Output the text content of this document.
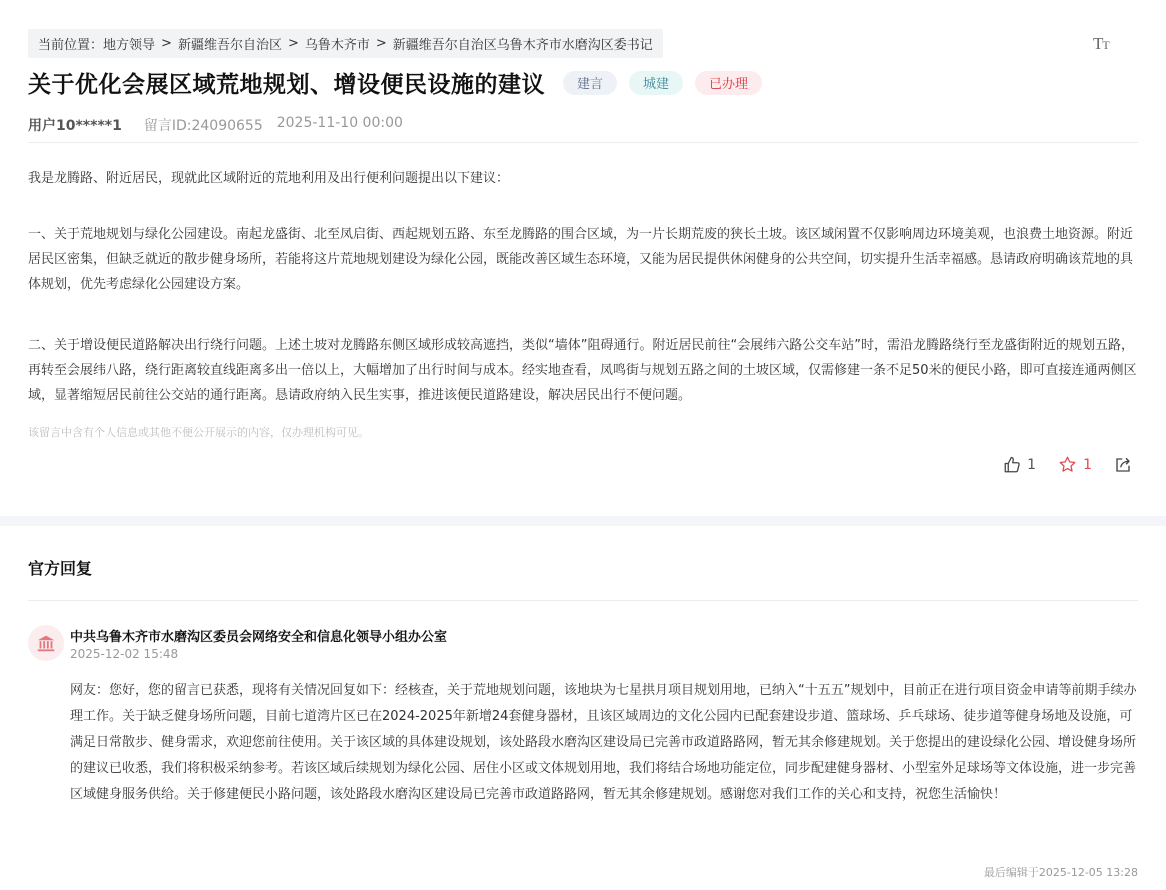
当前位置： 地方领导 > 新疆维吾尔自治区 > 乌鲁木齐市 > 新疆维吾尔自治区乌鲁木齐市水磨沟区委书记	TT
关于优化会展区域荒地规划、增设便民设施的建议	建言	城建	已办理
用户10*****1 留言ID:24090655 2025-11-10 00:00

我是龙腾路、附近居民，现就此区域附近的荒地利用及出行便利问题提出以下建议：

一、关于荒地规划与绿化公园建设。南起龙盛街、北至凤启街、西起规划五路、东至龙腾路的围合区域，为一片长期荒废的狭长土坡。该区域闲置不仅影响周边环境美观，也浪费土地资源。附近居民区密集，但缺乏就近的散步健身场所，若能将这片荒地规划建设为绿化公园，既能改善区域生态环境，又能为居民提供休闲健身的公共空间，切实提升生活幸福感。恳请政府明确该荒地的具体规划，优先考虑绿化公园建设方案。

二、关于增设便民道路解决出行绕行问题。上述土坡对龙腾路东侧区域形成较高遮挡，类似“墙体”阻碍通行。附近居民前往“会展纬六路公交车站”时，需沿龙腾路绕行至龙盛街附近的规划五路，再转至会展纬八路，绕行距离较直线距离多出一倍以上，大幅增加了出行时间与成本。经实地查看，凤鸣街与规划五路之间的土坡区域，仅需修建一条不足50米的便民小路，即可直接连通两侧区域，显著缩短居民前往公交站的通行距离。恳请政府纳入民生实事，推进该便民道路建设，解决居民出行不便问题。

该留言中含有个人信息或其他不便公开展示的内容，仅办理机构可见。
1	1
官方回复
中共乌鲁木齐市水磨沟区委员会网络安全和信息化领导小组办公室
2025-12-02 15:48

网友：您好，您的留言已获悉，现将有关情况回复如下：经核查，关于荒地规划问题，该地块为七星拱月项目规划用地，已纳入“十五五”规划中，目前正在进行项目资金申请等前期手续办理工作。关于缺乏健身场所问题，目前七道湾片区已在2024-2025年新增24套健身器材，且该区域周边的文化公园内已配套建设步道、篮球场、乒乓球场、徒步道等健身场地及设施，可满足日常散步、健身需求，欢迎您前往使用。关于该区域的具体建设规划，该处路段水磨沟区建设局已完善市政道路路网，暂无其余修建规划。关于您提出的建设绿化公园、增设健身场所的建议已收悉，我们将积极采纳参考。若该区域后续规划为绿化公园、居住小区或文体规划用地，我们将结合场地功能定位，同步配建健身器材、小型室外足球场等文体设施，进一步完善区域健身服务供给。关于修建便民小路问题，该处路段水磨沟区建设局已完善市政道路路网，暂无其余修建规划。感谢您对我们工作的关心和支持，祝您生活愉快！

最后编辑于2025-12-05 13:28
